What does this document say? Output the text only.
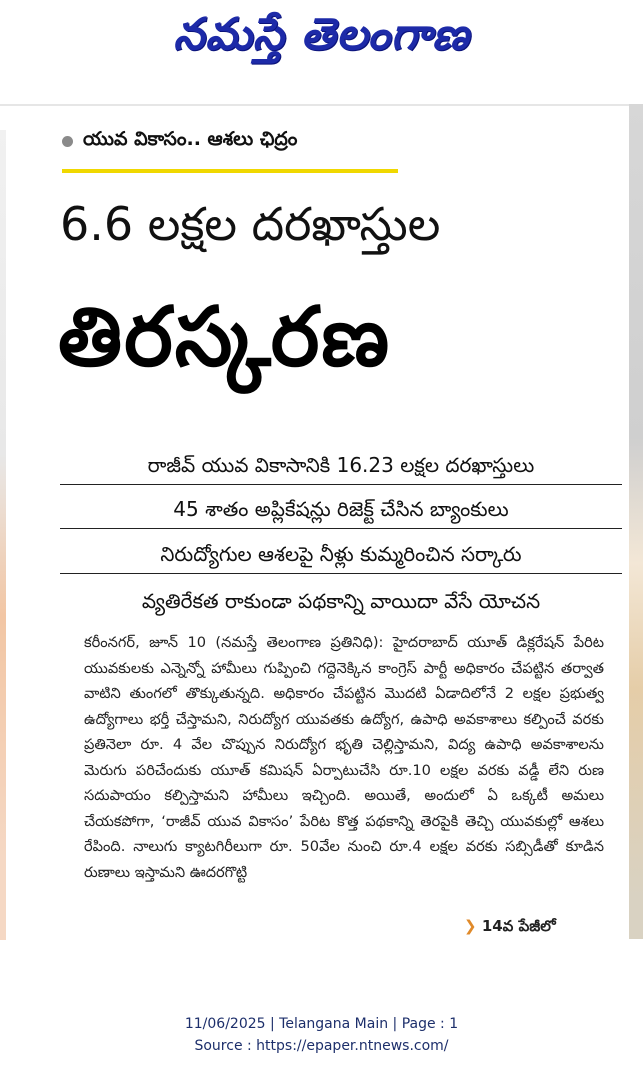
నమస్తే తెలంగాణ
యువ వికాసం.. ఆశలు ఛిద్రం
6.6 లక్షల దరఖాస్తుల
తిరస్కరణ
రాజీవ్ యువ వికాసానికి 16.23 లక్షల దరఖాస్తులు
45 శాతం అప్లికేషన్లు రిజెక్ట్ చేసిన బ్యాంకులు
నిరుద్యోగుల ఆశలపై నీళ్లు కుమ్మరించిన సర్కారు
వ్యతిరేకత రాకుండా పథకాన్ని వాయిదా వేసే యోచన
కరీంనగర్, జూన్ 10 (నమస్తే తెలంగాణ ప్రతినిధి): హైదరాబాద్ యూత్ డిక్లరేషన్ పేరిట యువకులకు ఎన్నెన్నో హామీలు గుప్పించి గద్దెనెక్కిన కాంగ్రెస్ పార్టీ అధికారం చేపట్టిన తర్వాత వాటిని తుంగలో తొక్కుతున్నది. అధికారం చేపట్టిన మొదటి ఏడాదిలోనే 2 లక్షల ప్రభుత్వ ఉద్యోగాలు భర్తీ చేస్తామని, నిరుద్యోగ యువతకు ఉద్యోగ, ఉపాధి అవకాశాలు కల్పించే వరకు ప్రతినెలా రూ. 4 వేల చొప్పున నిరుద్యోగ భృతి చెల్లిస్తామని, విద్య ఉపాధి అవకాశాలను మెరుగు పరిచేందుకు యూత్ కమిషన్ ఏర్పాటుచేసి రూ.10 లక్షల వరకు వడ్డీ లేని రుణ సదుపాయం కల్పిస్తామని హామీలు ఇచ్చింది. అయితే, అందులో ఏ ఒక్కటీ అమలు చేయకపోగా, ‘రాజీవ్ యువ వికాసం’ పేరిట కొత్త పథకాన్ని తెరపైకి తెచ్చి యువకుల్లో ఆశలు రేపింది. నాలుగు క్యాటగిరీలుగా రూ. 50వేల నుంచి రూ.4 లక్షల వరకు సబ్సిడీతో కూడిన రుణాలు ఇస్తామని ఊదరగొట్టి
❯ 14వ పేజీలో
11/06/2025 | Telangana Main | Page : 1
Source : https://epaper.ntnews.com/
